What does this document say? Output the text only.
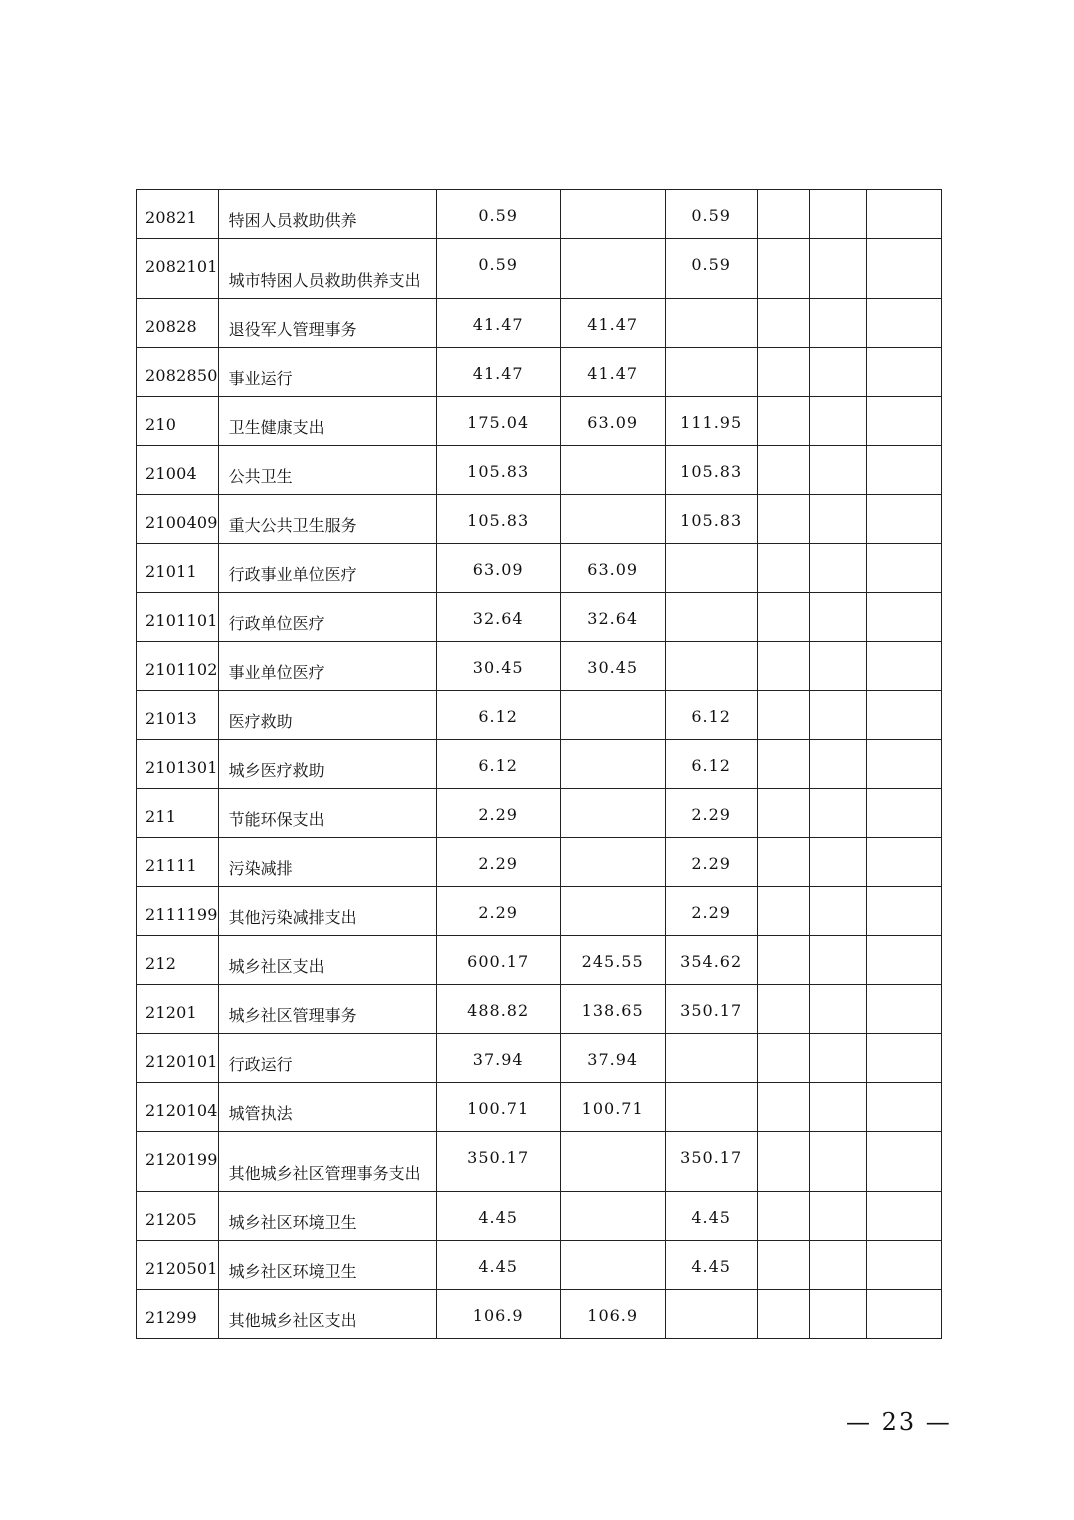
20821	特困人员救助供养	0.59		0.59			
2082101	城市特困人员救助供养支出	0.59		0.59			
20828	退役军人管理事务	41.47	41.47				
2082850	事业运行	41.47	41.47				
210	卫生健康支出	175.04	63.09	111.95			
21004	公共卫生	105.83		105.83			
2100409	重大公共卫生服务	105.83		105.83			
21011	行政事业单位医疗	63.09	63.09				
2101101	行政单位医疗	32.64	32.64				
2101102	事业单位医疗	30.45	30.45				
21013	医疗救助	6.12		6.12			
2101301	城乡医疗救助	6.12		6.12			
211	节能环保支出	2.29		2.29			
21111	污染减排	2.29		2.29			
2111199	其他污染减排支出	2.29		2.29			
212	城乡社区支出	600.17	245.55	354.62			
21201	城乡社区管理事务	488.82	138.65	350.17			
2120101	行政运行	37.94	37.94				
2120104	城管执法	100.71	100.71				
2120199	其他城乡社区管理事务支出	350.17		350.17			
21205	城乡社区环境卫生	4.45		4.45			
2120501	城乡社区环境卫生	4.45		4.45			
21299	其他城乡社区支出	106.9	106.9				
— 23 —
